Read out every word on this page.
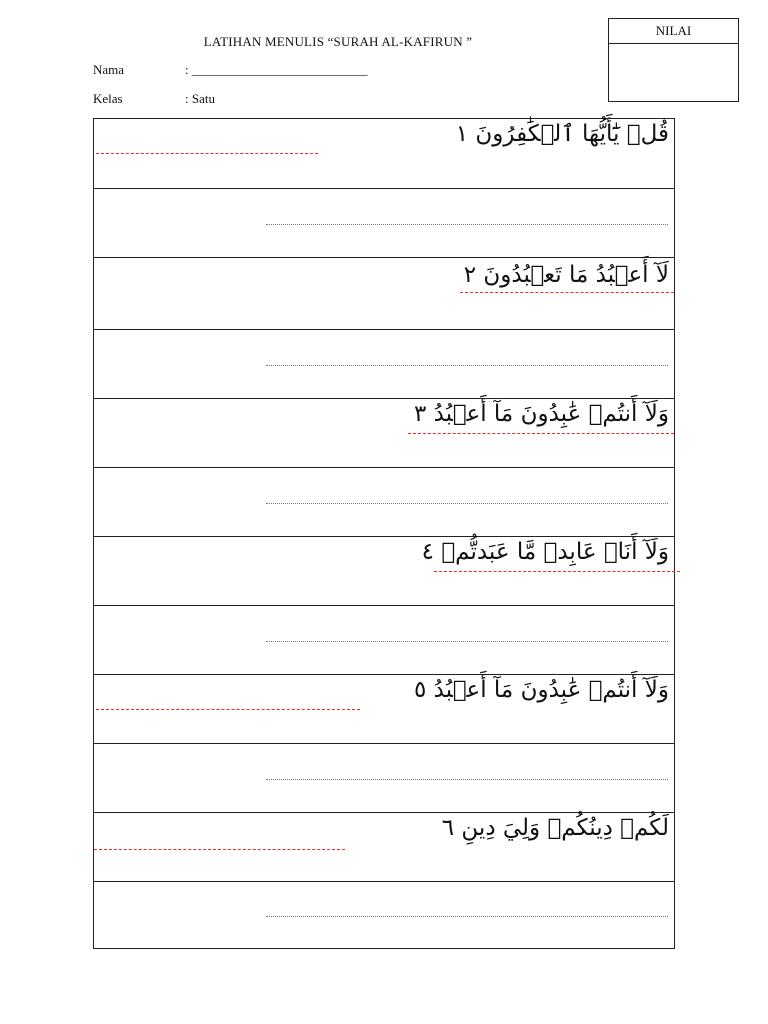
LATIHAN MENULIS “SURAH AL-KAFIRUN ”
NILAI
Nama	: ___________________________
Kelas	: Satu
قُلۡ يَٰٓأَيُّهَا ٱلۡكَٰفِرُونَ ١
لَآ أَعۡبُدُ مَا تَعۡبُدُونَ ٢
وَلَآ أَنتُمۡ عَٰبِدُونَ مَآ أَعۡبُدُ ٣
وَلَآ أَنَا۠ عَابِدٞ مَّا عَبَدتُّمۡ ٤
وَلَآ أَنتُمۡ عَٰبِدُونَ مَآ أَعۡبُدُ ٥
لَكُمۡ دِينُكُمۡ وَلِيَ دِينِ ٦
